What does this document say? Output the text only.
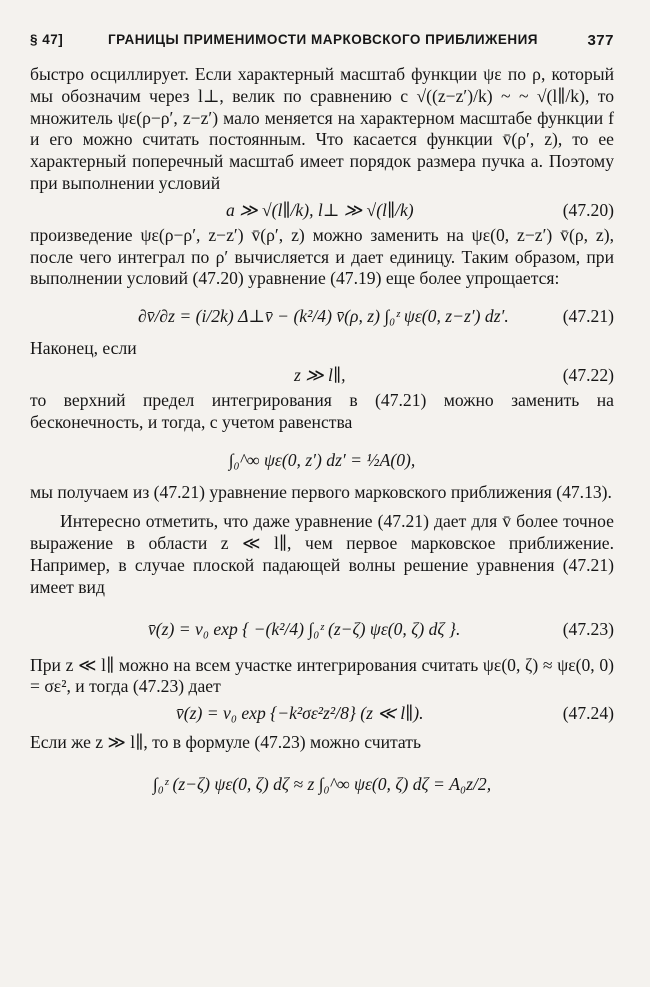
§ 47]	ГРАНИЦЫ ПРИМЕНИМОСТИ МАРКОВСКОГО ПРИБЛИЖЕНИЯ	377

быстро осциллирует. Если характерный масштаб функции ψε по ρ, который мы обозначим через l⊥, велик по сравнению с √((z−z′)/k) ~ ~ √(l∥/k), то множитель ψε(ρ−ρ′, z−z′) мало меняется на характерном масштабе функции f и его можно считать постоянным. Что касается функции v̄(ρ′, z), то ее характерный поперечный масштаб имеет порядок размера пучка a. Поэтому при выполнении условий

a ≫ √(l∥/k), l⊥ ≫ √(l∥/k)	(47.20)

произведение ψε(ρ−ρ′, z−z′) v̄(ρ′, z) можно заменить на ψε(0, z−z′) v̄(ρ, z), после чего интеграл по ρ′ вычисляется и дает единицу. Таким образом, при выполнении условий (47.20) уравнение (47.19) еще более упрощается:

∂v̄/∂z = (i/2k) Δ⊥v̄ − (k²/4) v̄(ρ, z) ∫₀ᶻ ψε(0, z−z′) dz′.	(47.21)

Наконец, если

z ≫ l∥,	(47.22)

то верхний предел интегрирования в (47.21) можно заменить на бесконечность, и тогда, с учетом равенства

∫₀^∞ ψε(0, z′) dz′ = ½A(0),

мы получаем из (47.21) уравнение первого марковского приближения (47.13).

Интересно отметить, что даже уравнение (47.21) дает для v̄ более точное выражение в области z ≪ l∥, чем первое марковское приближение. Например, в случае плоской падающей волны решение уравнения (47.21) имеет вид

v̄(z) = v₀ exp { −(k²/4) ∫₀ᶻ (z−ζ) ψε(0, ζ) dζ }.	(47.23)

При z ≪ l∥ можно на всем участке интегрирования считать ψε(0, ζ) ≈ ψε(0, 0) = σε², и тогда (47.23) дает

v̄(z) = v₀ exp {−k²σε²z²/8} (z ≪ l∥).	(47.24)

Если же z ≫ l∥, то в формуле (47.23) можно считать

∫₀ᶻ (z−ζ) ψε(0, ζ) dζ ≈ z ∫₀^∞ ψε(0, ζ) dζ = A₀z/2,
